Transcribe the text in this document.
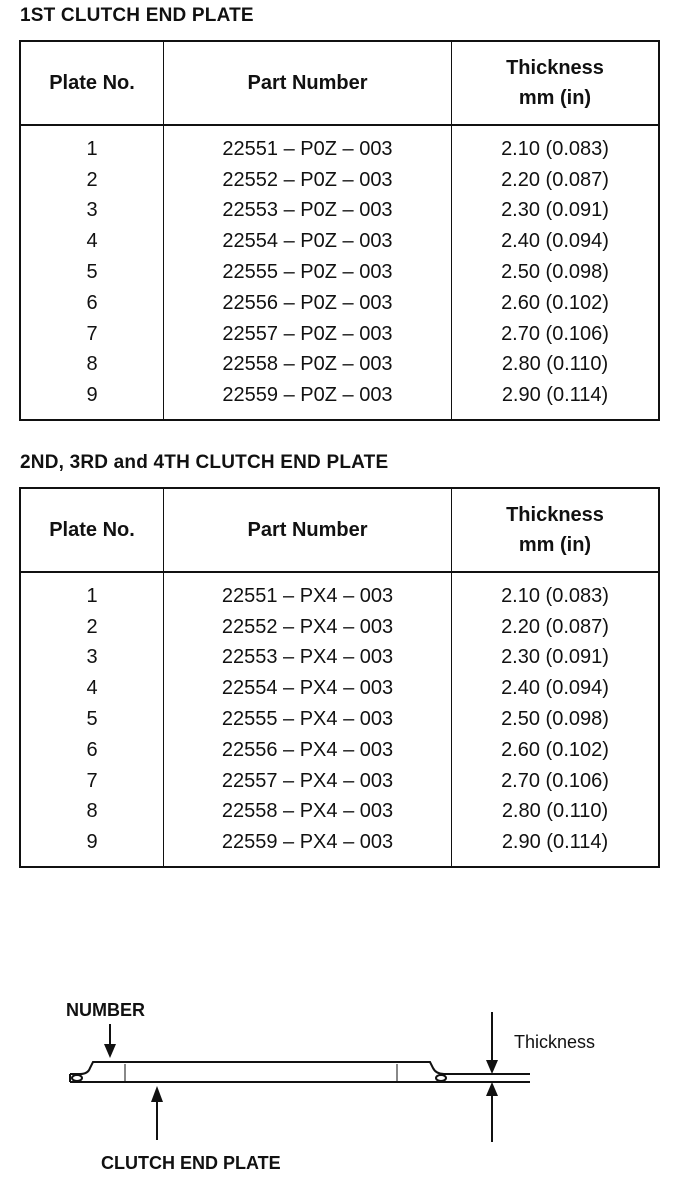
1ST CLUTCH END PLATE
Plate No.	Part Number	Thickness
mm (in)
1	22551 – P0Z – 003	2.10 (0.083)
2	22552 – P0Z – 003	2.20 (0.087)
3	22553 – P0Z – 003	2.30 (0.091)
4	22554 – P0Z – 003	2.40 (0.094)
5	22555 – P0Z – 003	2.50 (0.098)
6	22556 – P0Z – 003	2.60 (0.102)
7	22557 – P0Z – 003	2.70 (0.106)
8	22558 – P0Z – 003	2.80 (0.110)
9	22559 – P0Z – 003	2.90 (0.114)
2ND, 3RD and 4TH CLUTCH END PLATE
Plate No.	Part Number	Thickness
mm (in)
1	22551 – PX4 – 003	2.10 (0.083)
2	22552 – PX4 – 003	2.20 (0.087)
3	22553 – PX4 – 003	2.30 (0.091)
4	22554 – PX4 – 003	2.40 (0.094)
5	22555 – PX4 – 003	2.50 (0.098)
6	22556 – PX4 – 003	2.60 (0.102)
7	22557 – PX4 – 003	2.70 (0.106)
8	22558 – PX4 – 003	2.80 (0.110)
9	22559 – PX4 – 003	2.90 (0.114)
NUMBER
Thickness
CLUTCH END PLATE
